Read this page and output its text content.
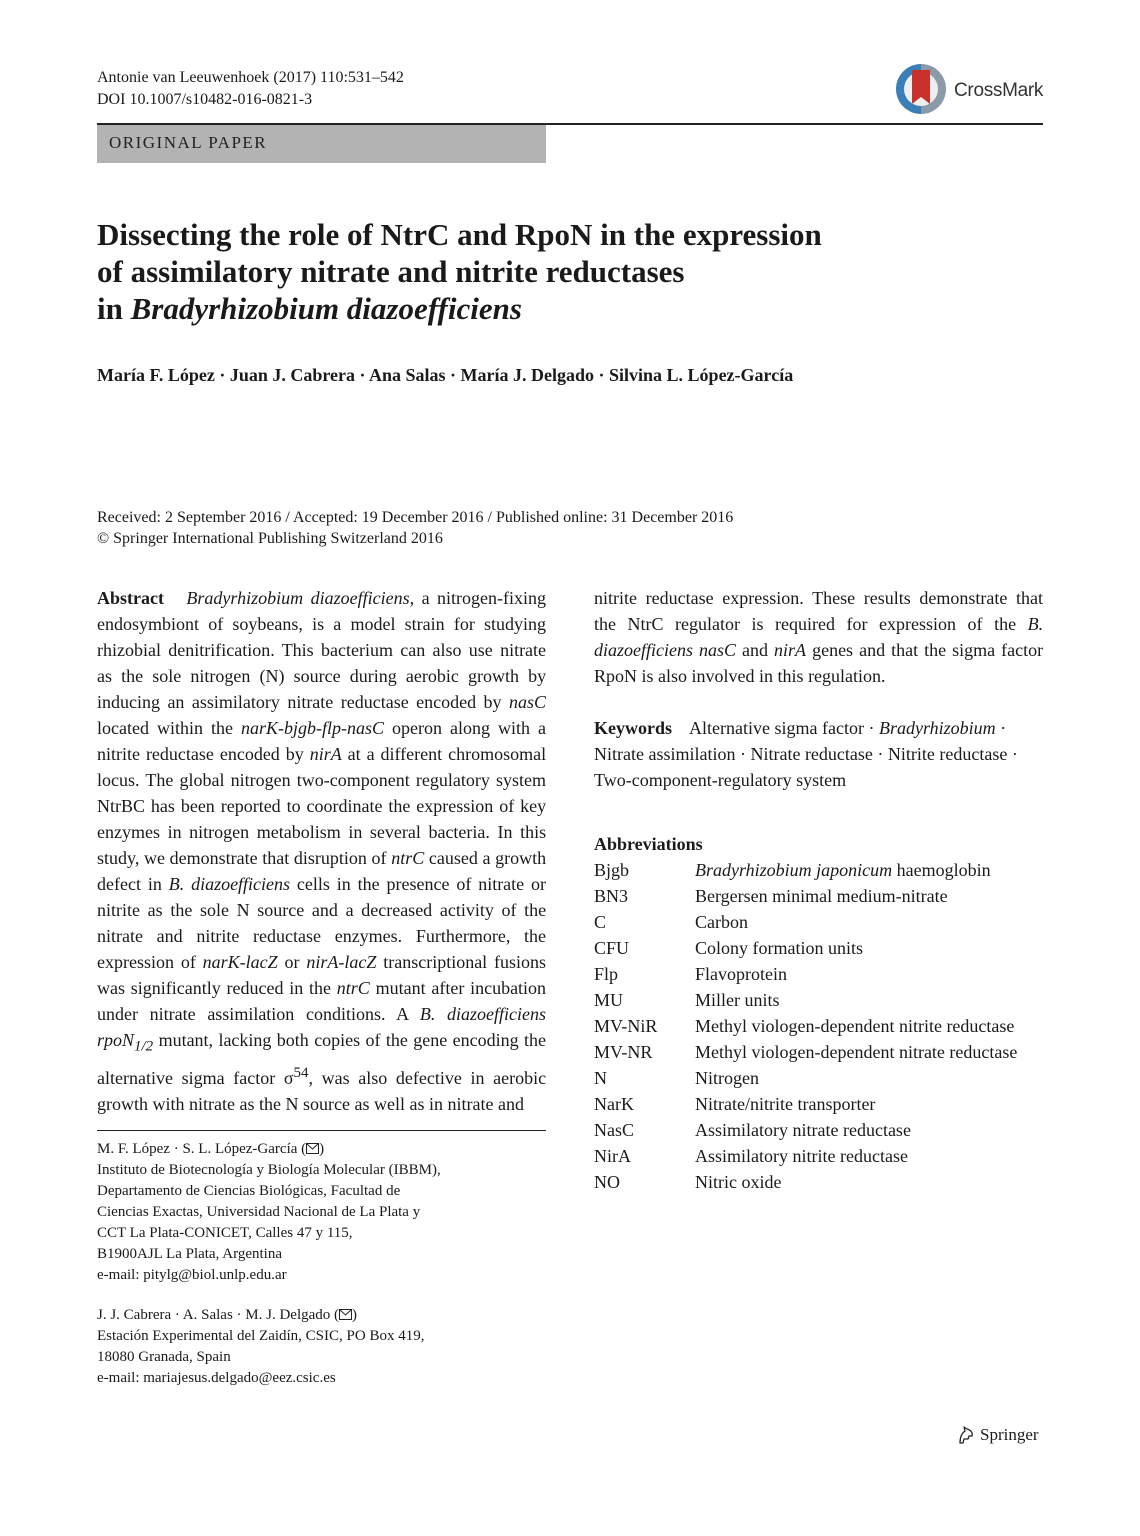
Antonie van Leeuwenhoek (2017) 110:531–542
DOI 10.1007/s10482-016-0821-3	CrossMark
ORIGINAL PAPER
Dissecting the role of NtrC and RpoN in the expression
of assimilatory nitrate and nitrite reductases
in Bradyrhizobium diazoefficiens
María F. López · Juan J. Cabrera · Ana Salas · María J. Delgado · Silvina L. López-García
Received: 2 September 2016 / Accepted: 19 December 2016 / Published online: 31 December 2016
© Springer International Publishing Switzerland 2016

Abstract Bradyrhizobium diazoefficiens, a nitrogen-fixing endosymbiont of soybeans, is a model strain for studying rhizobial denitrification. This bacterium can also use nitrate as the sole nitrogen (N) source during aerobic growth by inducing an assimilatory nitrate reductase encoded by nasC located within the narK-bjgb-flp-nasC operon along with a nitrite reductase encoded by nirA at a different chromosomal locus. The global nitrogen two-component regulatory system NtrBC has been reported to coordinate the expression of key enzymes in nitrogen metabolism in several bacteria. In this study, we demonstrate that disruption of ntrC caused a growth defect in B. diazoefficiens cells in the presence of nitrate or nitrite as the sole N source and a decreased activity of the nitrate and nitrite reductase enzymes. Furthermore, the expression of narK-lacZ or nirA-lacZ transcriptional fusions was significantly reduced in the ntrC mutant after incubation under nitrate assimilation conditions. A B. diazoefficiens rpoN$_{1/2}$ mutant, lacking both copies of the gene encoding the alternative sigma factor $\sigma^{54}$, was also defective in aerobic growth with nitrate as the N source as well as in nitrate and

M. F. López · S. L. López-García ( )

Instituto de Biotecnología y Biología Molecular (IBBM),

Departamento de Ciencias Biológicas, Facultad de

Ciencias Exactas, Universidad Nacional de La Plata y

CCT La Plata-CONICET, Calles 47 y 115,

B1900AJL La Plata, Argentina

e-mail: pitylg@biol.unlp.edu.ar

J. J. Cabrera · A. Salas · M. J. Delgado ( )

Estación Experimental del Zaidín, CSIC, PO Box 419,

18080 Granada, Spain

e-mail: mariajesus.delgado@eez.csic.es

nitrite reductase expression. These results demonstrate that the NtrC regulator is required for expression of the B. diazoefficiens nasC and nirA genes and that the sigma factor RpoN is also involved in this regulation.

Keywords Alternative sigma factor · Bradyrhizobium · Nitrate assimilation · Nitrate reductase · Nitrite reductase · Two-component-regulatory system

Abbreviations

Bjgb	Bradyrhizobium japonicum haemoglobin
BN3	Bergersen minimal medium-nitrate
C	Carbon
CFU	Colony formation units
Flp	Flavoprotein
MU	Miller units
MV-NiR	Methyl viologen-dependent nitrite reductase
MV-NR	Methyl viologen-dependent nitrate reductase
N	Nitrogen
NarK	Nitrate/nitrite transporter
NasC	Assimilatory nitrate reductase
NirA	Assimilatory nitrite reductase
NO	Nitric oxide
Springer
